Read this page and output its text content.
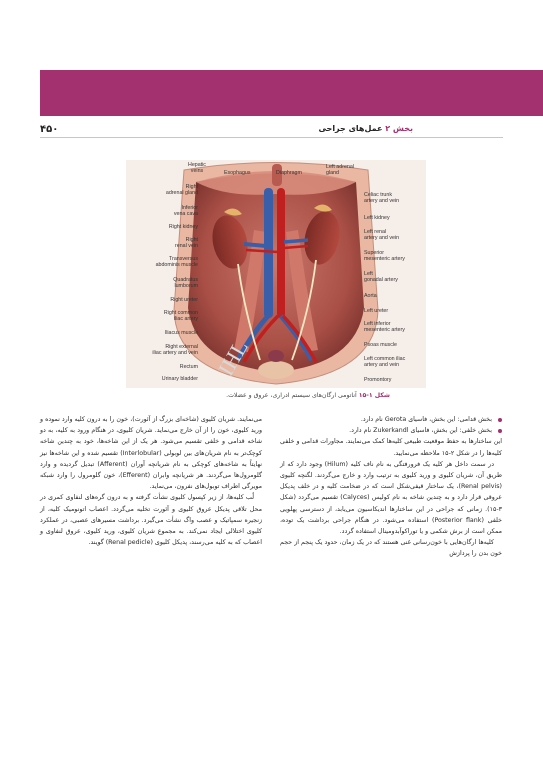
۴۵۰	بخش ۲ عمل‌های جراحی
Right
adrenal gland
Inferior
vena cava
Right kidney
Right
renal vein
Transversus
abdominis muscle
Quadratus
lumborum
Right ureter
Right common
iliac artery
Iliacus muscle
Right external
iliac artery and vein
Rectum
Urinary bladder
Hepatic
veins	Esophagus	Diaphragm
Left adrenal
gland
Celiac trunk
artery and vein
Left kidney
Left renal
artery and vein
Superior
mesenteric artery
Left
gonadal artery
Aorta
Left ureter
Left inferior
mesenteric artery
Psoas muscle
Left common iliac
artery and vein
Promontory
شکل ۱-۱۵ آناتومی ارگان‌های سیستم ادراری، عروق و عضلات.
IHL

بخش قدامی: این بخش، فاسیای Gerota نام دارد.

بخش خلفی: این بخش، فاسیای Zukerkandl نام دارد.

این ساختارها به حفظ موقعیت طبیعی کلیه‌ها کمک می‌نمایند. مجاورات قدامی و خلفی کلیه‌ها را در شکل ۲-۱۵ ملاحظه می‌نمایید.

در سمت داخل هر کلیه یک فرورفتگی به نام ناف کلیه (Hilum) وجود دارد که از طریق آن، شریان کلیوی و ورید کلیوی به ترتیب وارد و خارج می‌گردند. لگنچه کلیوی (Renal pelvis)، یک ساختار قیفی‌شکل است که در ضخامت کلیه و در خلف پدیکل عروقی قرار دارد و به چندین شاخه به نام کولیس (Calyces) تقسیم می‌گردد (شکل ۳-۱۵). زمانی که جراحی در این ساختارها اندیکاسیون می‌یابد، از دسترسی پهلویی خلفی (Posterior flank) استفاده می‌شود. در هنگام جراحی برداشت یک توده، ممکن است از برش شکمی و یا توراکوآبدومینال استفاده گردد.

کلیه‌ها ارگان‌هایی با خون‌رسانی غنی هستند که در یک زمان، حدود یک پنجم از حجم خون بدن را پردازش

می‌نمایند. شریان کلیوی (شاخه‌ای بزرگ از آئورت)، خون را به درون کلیه وارد نموده و ورید کلیوی، خون را از آن خارج می‌نماید. شریان کلیوی، در هنگام ورود به کلیه، به دو شاخه قدامی و خلفی تقسیم می‌شود. هر یک از این شاخه‌ها، خود به چندین شاخه کوچک‌تر به نام شریان‌های بین لوبولی (Interlobular) تقسیم شده و این شاخه‌ها نیز نهایتاً به شاخه‌های کوچکی به نام شریانچه آوران (Afferent) تبدیل گردیده و وارد گلومرول‌ها می‌گردند. هر شریانچه وابران (Efferent)، خون گلومرول را وارد شبکه مویرگی اطراف توبول‌های نفرون، می‌نماید.

لُب کلیه‌ها، از زیر کپسول کلیوی نشأت گرفته و به درون گره‌های لنفاوی کمری در محل تلاقی پدیکل عروق کلیوی و آئورت تخلیه می‌گردد. اعصاب اتونومیک کلیه، از زنجیره سمپاتیک و عصب واگ نشأت می‌گیرد. برداشت مسیرهای عصبی، در عملکرد کلیوی اختلالی ایجاد نمی‌کند. به مجموع شریان کلیوی، ورید کلیوی، عروق لنفاوی و اعصاب که به کلیه می‌رسند، پدیکل کلیوی (Renal pedicle) گویند.
